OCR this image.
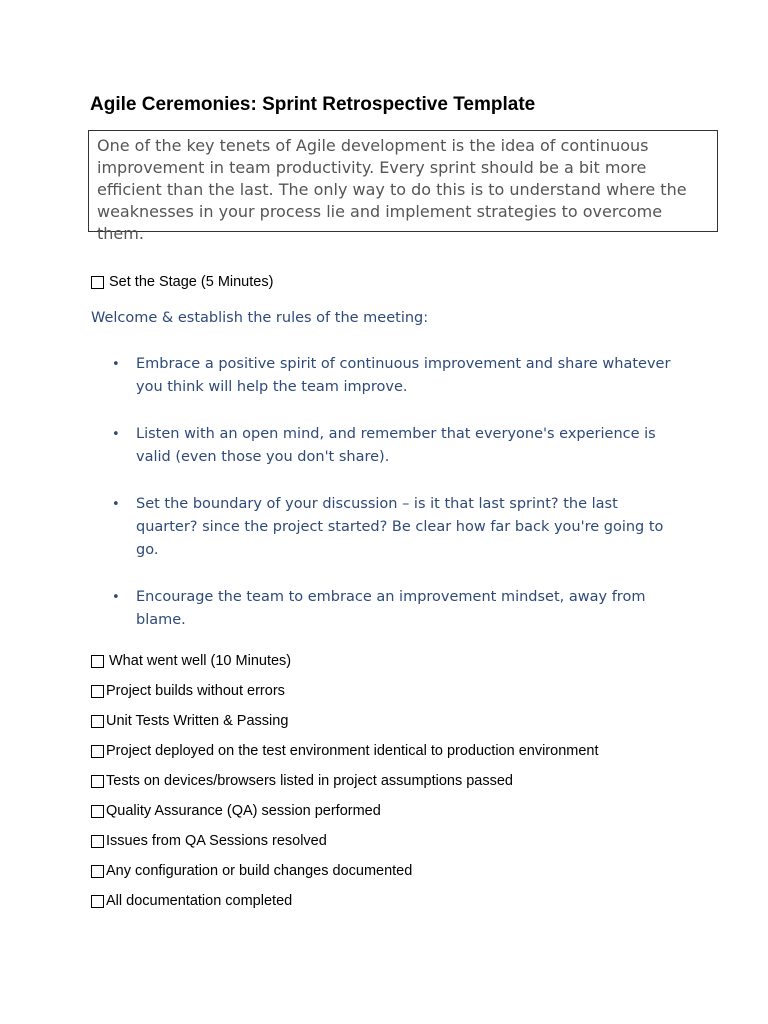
Agile Ceremonies: Sprint Retrospective Template
One of the key tenets of Agile development is the idea of continuous improvement in team productivity. Every sprint should be a bit more efficient than the last. The only way to do this is to understand where the weaknesses in your process lie and implement strategies to overcome them.
Set the Stage (5 Minutes)

Welcome & establish the rules of the meeting:

•	Embrace a positive spirit of continuous improvement and share whatever you think will help the team improve.
•	Listen with an open mind, and remember that everyone's experience is valid (even those you don't share).
•	Set the boundary of your discussion – is it that last sprint? the last quarter? since the project started? Be clear how far back you're going to go.
•	Encourage the team to embrace an improvement mindset, away from blame.
What went well (10 Minutes)
Project builds without errors
Unit Tests Written & Passing
Project deployed on the test environment identical to production environment
Tests on devices/browsers listed in project assumptions passed
Quality Assurance (QA) session performed
Issues from QA Sessions resolved
Any configuration or build changes documented
All documentation completed
